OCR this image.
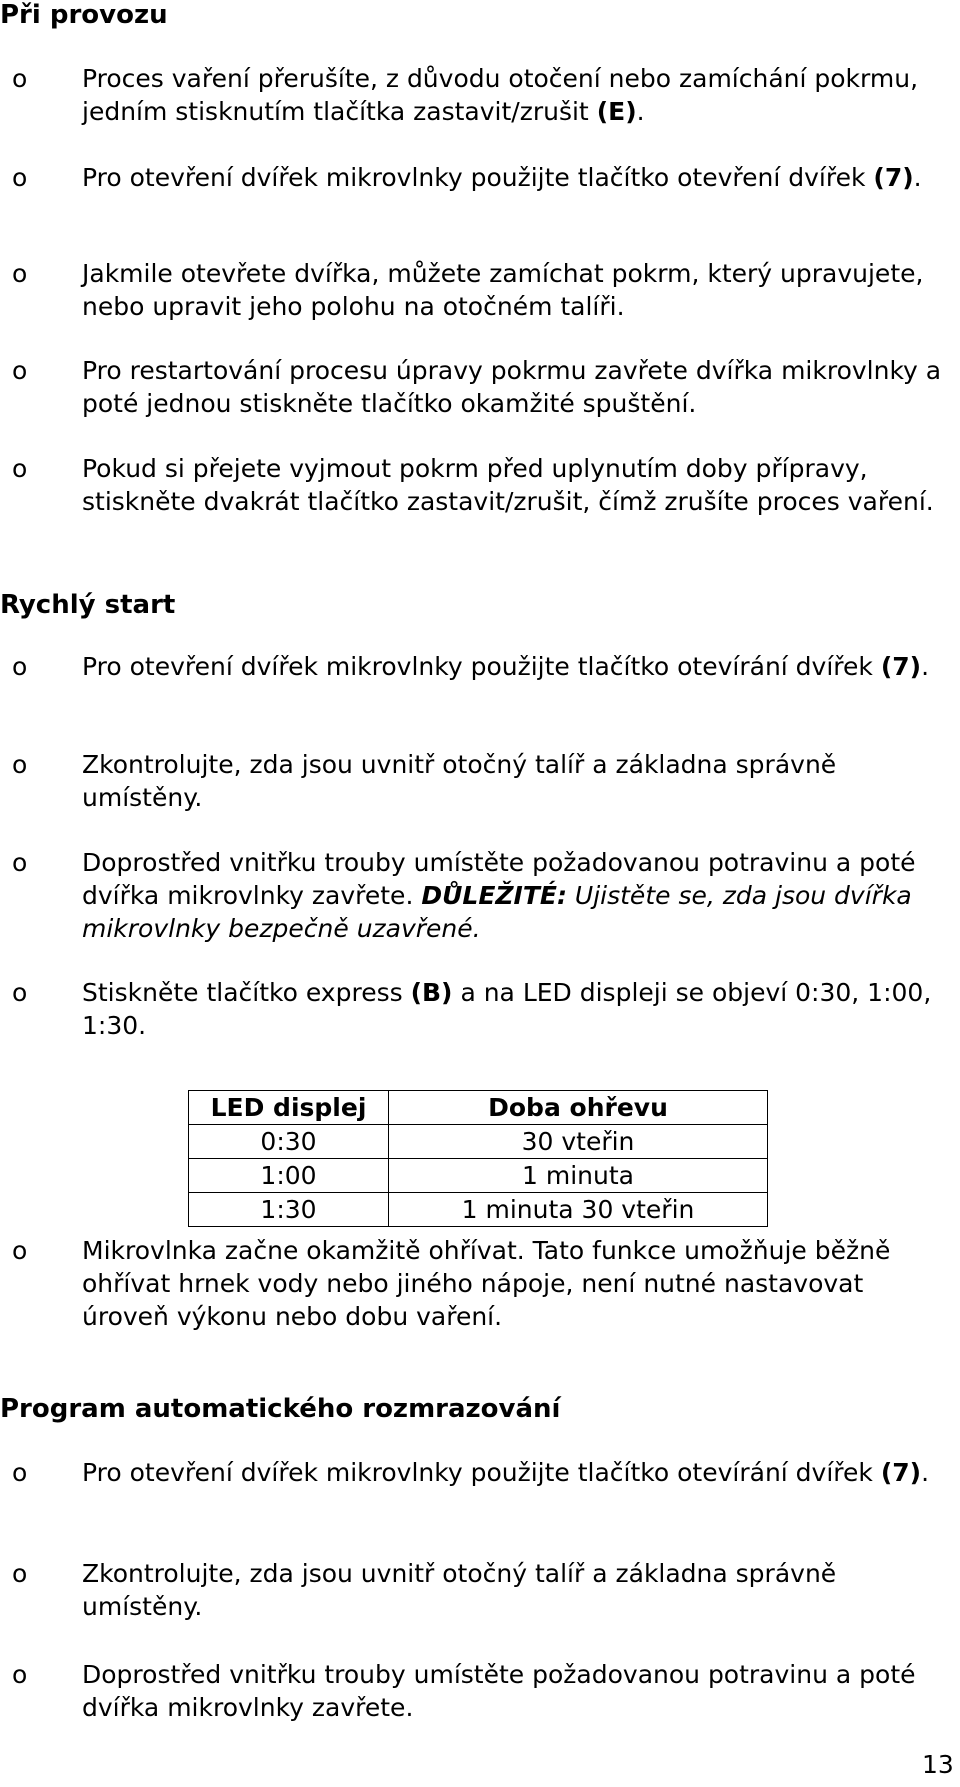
Při provozu
o Proces vaření přerušíte, z důvodu otočení nebo zamíchání pokrmu, jedním stisknutím tlačítka zastavit/zrušit (E).
o Pro otevření dvířek mikrovlnky použijte tlačítko otevření dvířek (7).
o Jakmile otevřete dvířka, můžete zamíchat pokrm, který upravujete, nebo upravit jeho polohu na otočném talíři.
o Pro restartování procesu úpravy pokrmu zavřete dvířka mikrovlnky a poté jednou stiskněte tlačítko okamžité spuštění.
o Pokud si přejete vyjmout pokrm před uplynutím doby přípravy, stiskněte dvakrát tlačítko zastavit/zrušit, čímž zrušíte proces vaření.
Rychlý start
o Pro otevření dvířek mikrovlnky použijte tlačítko otevírání dvířek (7).
o Zkontrolujte, zda jsou uvnitř otočný talíř a základna správně umístěny.
o Doprostřed vnitřku trouby umístěte požadovanou potravinu a poté dvířka mikrovlnky zavřete. DŮLEŽITÉ: Ujistěte se, zda jsou dvířka mikrovlnky bezpečně uzavřené.
o Stiskněte tlačítko express (B) a na LED displeji se objeví 0:30, 1:00, 1:30.
LED displej	Doba ohřevu
0:30	30 vteřin
1:00	1 minuta
1:30	1 minuta 30 vteřin
o Mikrovlnka začne okamžitě ohřívat. Tato funkce umožňuje běžně ohřívat hrnek vody nebo jiného nápoje, není nutné nastavovat úroveň výkonu nebo dobu vaření.
Program automatického rozmrazování
o Pro otevření dvířek mikrovlnky použijte tlačítko otevírání dvířek (7).
o Zkontrolujte, zda jsou uvnitř otočný talíř a základna správně umístěny.
o Doprostřed vnitřku trouby umístěte požadovanou potravinu a poté dvířka mikrovlnky zavřete.
13
